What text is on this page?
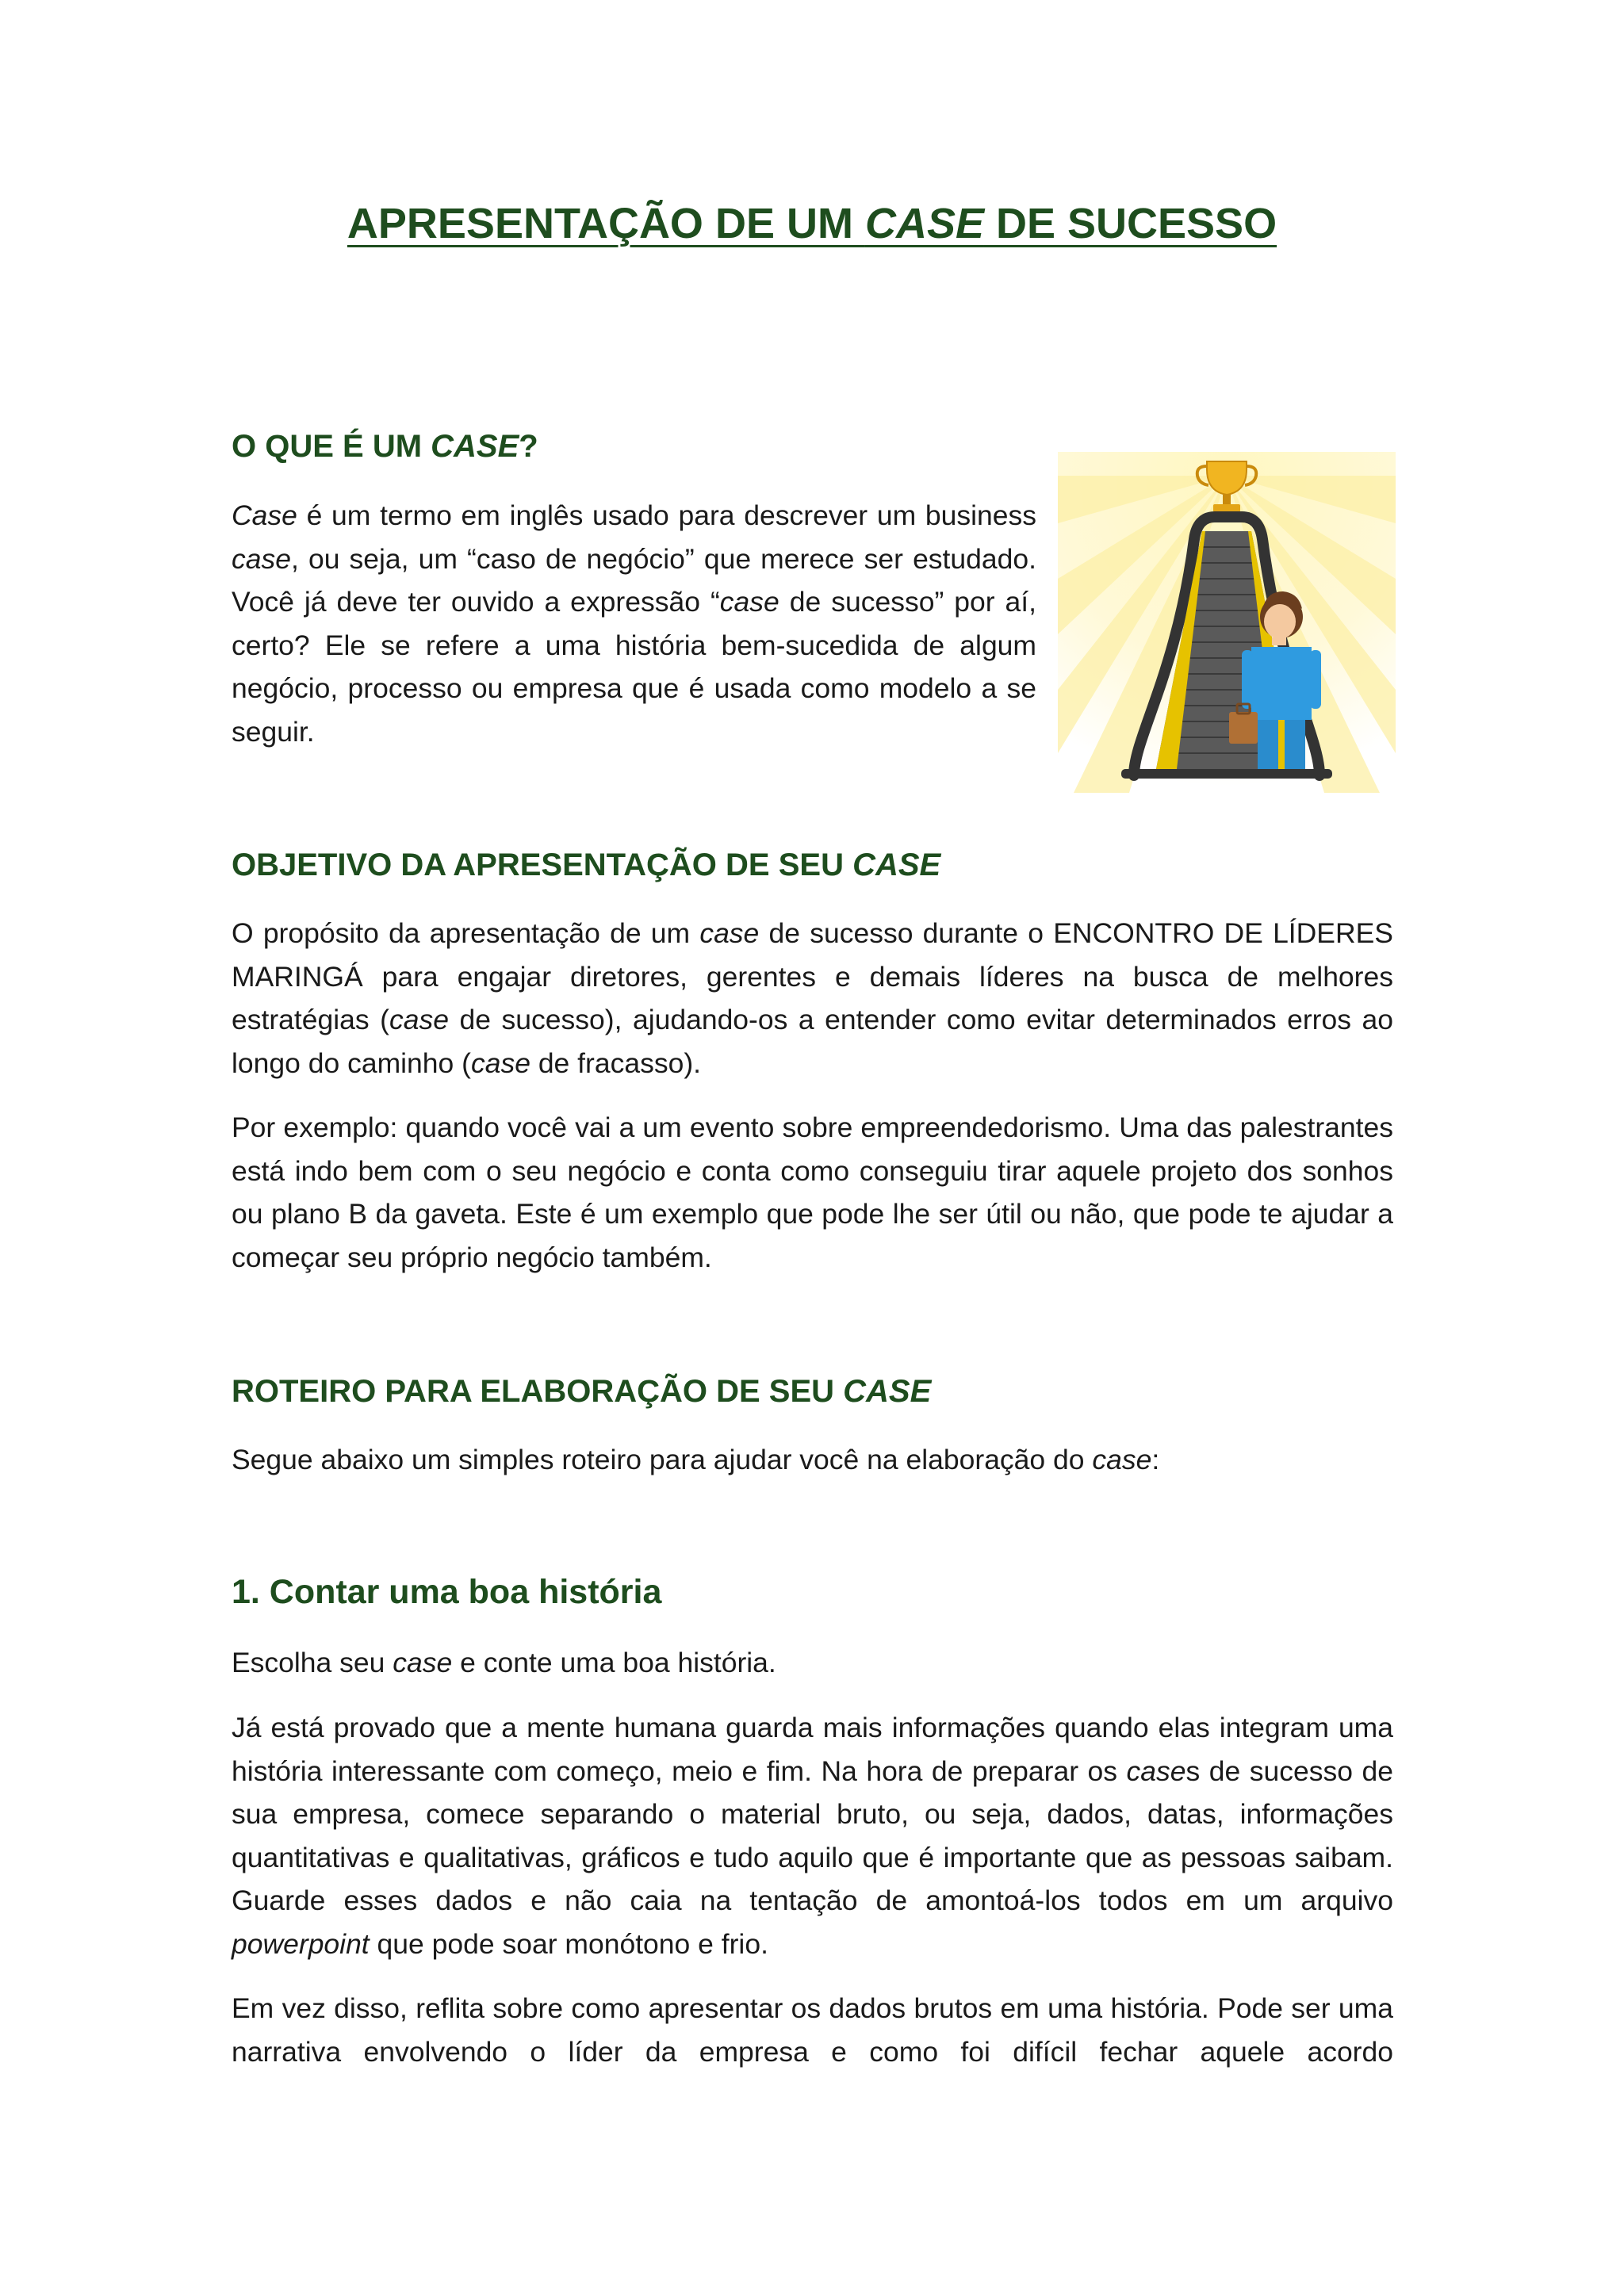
APRESENTAÇÃO DE UM CASE DE SUCESSO
O QUE É UM CASE?

Case é um termo em inglês usado para descrever um business case, ou seja, um “caso de negócio” que merece ser estudado. Você já deve ter ouvido a expressão “case de sucesso” por aí, certo? Ele se refere a uma história bem-sucedida de algum negócio, processo ou empresa que é usada como modelo a se seguir.

OBJETIVO DA APRESENTAÇÃO DE SEU CASE

O propósito da apresentação de um case de sucesso durante o ENCONTRO DE LÍDERES MARINGÁ para engajar diretores, gerentes e demais líderes na busca de melhores estratégias (case de sucesso), ajudando-os a entender como evitar determinados erros ao longo do caminho (case de fracasso).

Por exemplo: quando você vai a um evento sobre empreendedorismo. Uma das palestrantes está indo bem com o seu negócio e conta como conseguiu tirar aquele projeto dos sonhos ou plano B da gaveta. Este é um exemplo que pode lhe ser útil ou não, que pode te ajudar a começar seu próprio negócio também.

ROTEIRO PARA ELABORAÇÃO DE SEU CASE

Segue abaixo um simples roteiro para ajudar você na elaboração do case:

1. Contar uma boa história

Escolha seu case e conte uma boa história.

Já está provado que a mente humana guarda mais informações quando elas integram uma história interessante com começo, meio e fim. Na hora de preparar os cases de sucesso de sua empresa, comece separando o material bruto, ou seja, dados, datas, informações quantitativas e qualitativas, gráficos e tudo aquilo que é importante que as pessoas saibam. Guarde esses dados e não caia na tentação de amontoá-los todos em um arquivo powerpoint que pode soar monótono e frio.

Em vez disso, reflita sobre como apresentar os dados brutos em uma história. Pode ser uma narrativa envolvendo o líder da empresa e como foi difícil fechar aquele acordo
